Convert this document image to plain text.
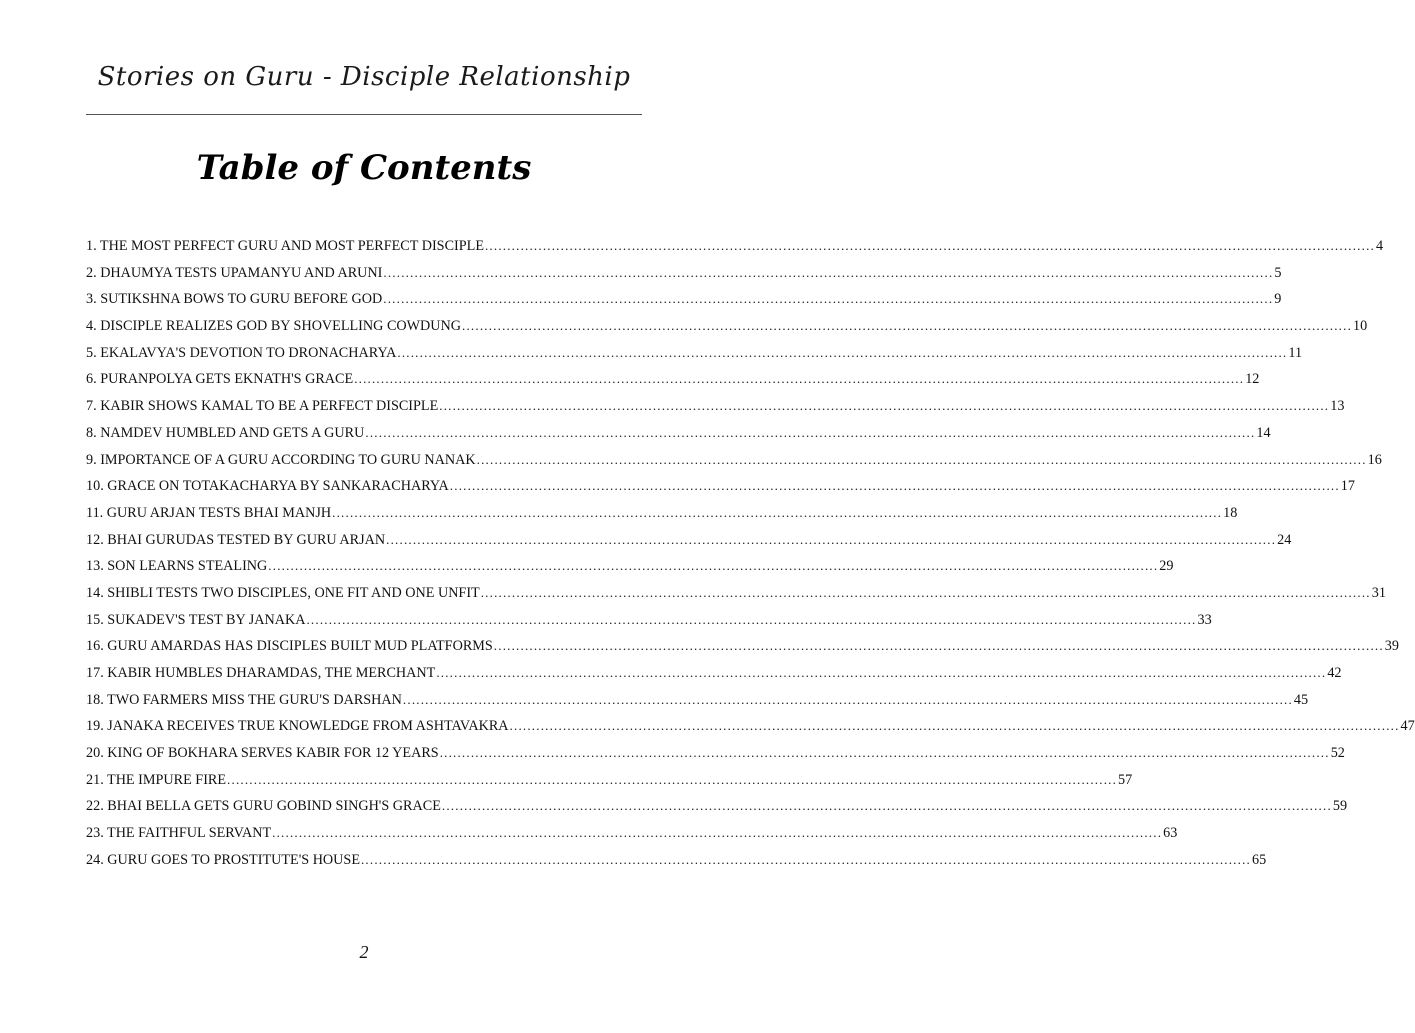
Stories on Guru - Disciple Relationship
Table of Contents
1. THE MOST PERFECT GURU AND MOST PERFECT DISCIPLE ........................................................................................................................................................................................................ 4
2. DHAUMYA TESTS UPAMANYU AND ARUNI ........................................................................................................................................................................................................ 5
3. SUTIKSHNA BOWS TO GURU BEFORE GOD ........................................................................................................................................................................................................ 9
4. DISCIPLE REALIZES GOD BY SHOVELLING COWDUNG ........................................................................................................................................................................................................ 10
5. EKALAVYA'S DEVOTION TO DRONACHARYA ........................................................................................................................................................................................................ 11
6. PURANPOLYA GETS EKNATH'S GRACE ........................................................................................................................................................................................................ 12
7. KABIR SHOWS KAMAL TO BE A PERFECT DISCIPLE ........................................................................................................................................................................................................ 13
8. NAMDEV HUMBLED AND GETS A GURU ........................................................................................................................................................................................................ 14
9. IMPORTANCE OF A GURU ACCORDING TO GURU NANAK ........................................................................................................................................................................................................ 16
10. GRACE ON TOTAKACHARYA BY SANKARACHARYA ........................................................................................................................................................................................................ 17
11. GURU ARJAN TESTS BHAI MANJH ........................................................................................................................................................................................................ 18
12. BHAI GURUDAS TESTED BY GURU ARJAN ........................................................................................................................................................................................................ 24
13. SON LEARNS STEALING ........................................................................................................................................................................................................ 29
14. SHIBLI TESTS TWO DISCIPLES, ONE FIT AND ONE UNFIT ........................................................................................................................................................................................................ 31
15. SUKADEV'S TEST BY JANAKA ........................................................................................................................................................................................................ 33
16. GURU AMARDAS HAS DISCIPLES BUILT MUD PLATFORMS ........................................................................................................................................................................................................ 39
17. KABIR HUMBLES DHARAMDAS, THE MERCHANT ........................................................................................................................................................................................................ 42
18. TWO FARMERS MISS THE GURU'S DARSHAN ........................................................................................................................................................................................................ 45
19. JANAKA RECEIVES TRUE KNOWLEDGE FROM ASHTAVAKRA ........................................................................................................................................................................................................ 47
20. KING OF BOKHARA SERVES KABIR FOR 12 YEARS ........................................................................................................................................................................................................ 52
21. THE IMPURE FIRE ........................................................................................................................................................................................................ 57
22. BHAI BELLA GETS GURU GOBIND SINGH'S GRACE ........................................................................................................................................................................................................ 59
23. THE FAITHFUL SERVANT ........................................................................................................................................................................................................ 63
24. GURU GOES TO PROSTITUTE'S HOUSE ........................................................................................................................................................................................................ 65
2
